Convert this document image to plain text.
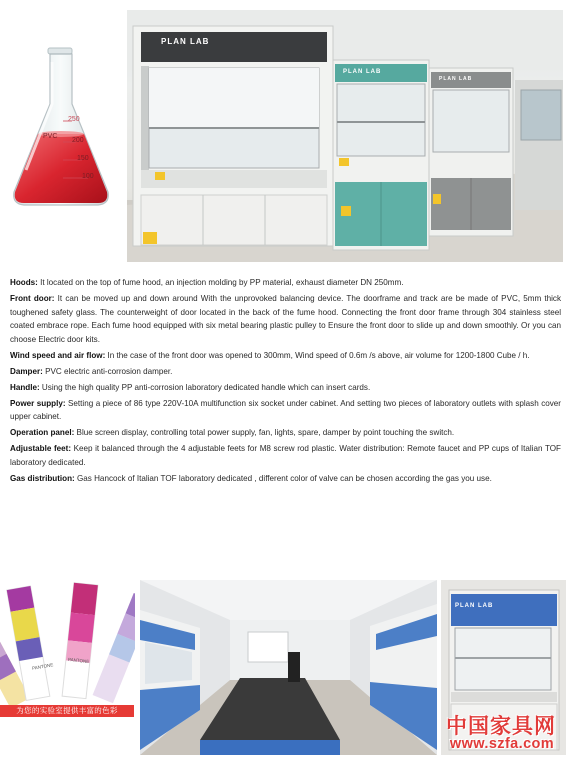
250
200
150
100
PVC
PLAN LAB
PLAN LAB
PLAN LAB

Hoods: It located on the top of fume hood, an injection molding by PP material, exhaust diameter DN 250mm.

Front door: It can be moved up and down around With the unprovoked balancing device. The doorframe and track are be made of PVC, 5mm thick toughened safety glass. The counterweight of door located in the back of the fume hood. Connecting the front door frame through 304 stainless steel coated embrace rope. Each fume hood equipped with six metal bearing plastic pulley to Ensure the front door to slide up and down smoothly. Or you can choose Electric door kits.

Wind speed and air flow: In the case of the front door was opened to 300mm, Wind speed of 0.6m /s above, air volume for 1200-1800 Cube / h.

Damper: PVC electric anti-corrosion damper.

Handle: Using the high quality PP anti-corrosion laboratory dedicated handle which can insert cards.

Power supply: Setting a piece of 86 type 220V-10A multifunction six socket under cabinet. And setting two pieces of laboratory outlets with splash cover upper cabinet.

Operation panel: Blue screen display, controlling total power supply, fan, lights, spare, damper by point touching the switch.

Adjustable feet: Keep it balanced through the 4 adjustable feets for M8 screw rod plastic. Water distribution: Remote faucet and PP cups of Italian TOF laboratory dedicated.

Gas distribution: Gas Hancock of Italian TOF laboratory dedicated , different color of valve can be chosen according the gas you use.

PANTONE
PANTONE
为您的实验室提供丰富的色彩
PLAN LAB
中国家具网
www.szfa.com
